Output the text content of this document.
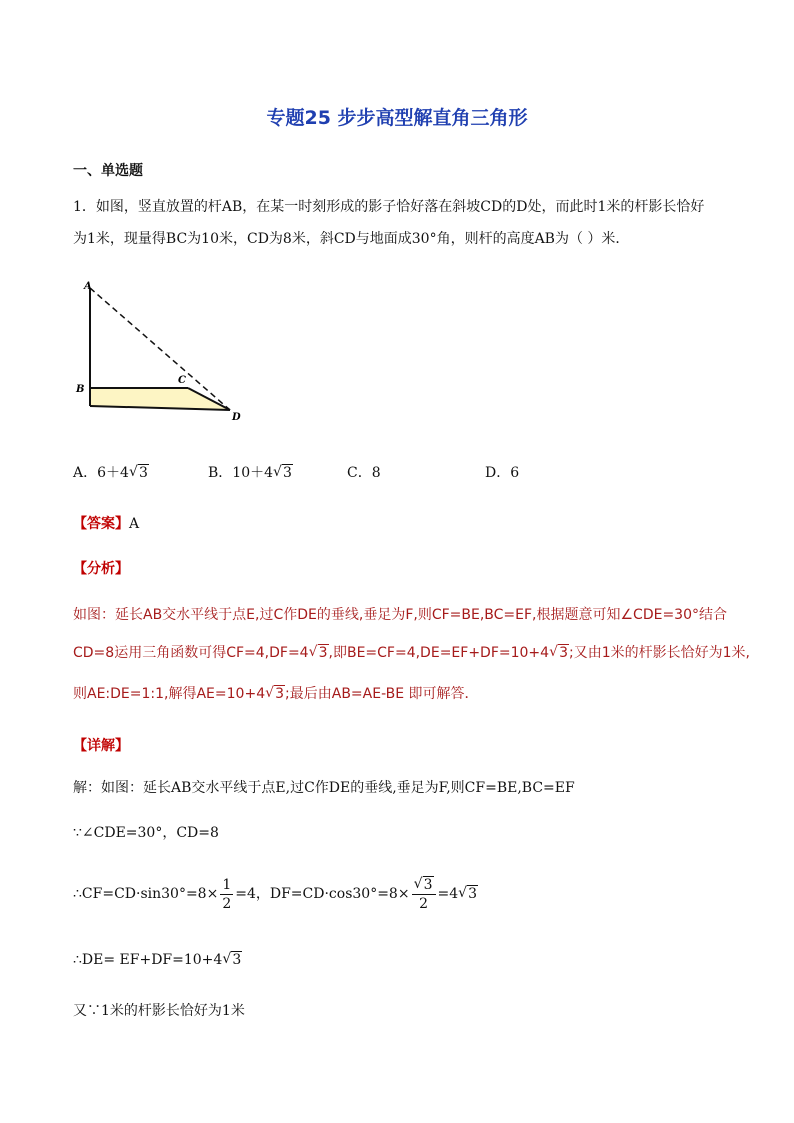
专题25 步步高型解直角三角形
一、单选题
1．如图，竖直放置的杆AB，在某一时刻形成的影子恰好落在斜坡CD的D处，而此时1米的杆影长恰好
为1米，现量得BC为10米，CD为8米，斜CD与地面成30°角，则杆的高度AB为（ ）米．
A
B
C
D
A．6＋4√ 3	B．10＋4√ 3	C．8	D．6
【答案】A
【分析】
如图：延长AB交水平线于点E,过C作DE的垂线,垂足为F,则CF=BE,BC=EF,根据题意可知∠CDE=30°结合
CD=8运用三角函数可得CF=4,DF=4√ 3,即BE=CF=4,DE=EF+DF=10+4√ 3;又由1米的杆影长恰好为1米,
则AE:DE=1:1,解得AE=10+4√ 3;最后由AB=AE-BE 即可解答．
【详解】
解：如图：延长AB交水平线于点E,过C作DE的垂线,垂足为F,则CF=BE,BC=EF
∵∠CDE=30°，CD=8
∴CF=CD·sin30°=8× $\frac{1}{2} =4$，DF=CD·cos30°=8×
√ $\frac{3}{2} =4√$ 3
∴DE= EF+DF=10+4√ 3
又∵1米的杆影长恰好为1米
